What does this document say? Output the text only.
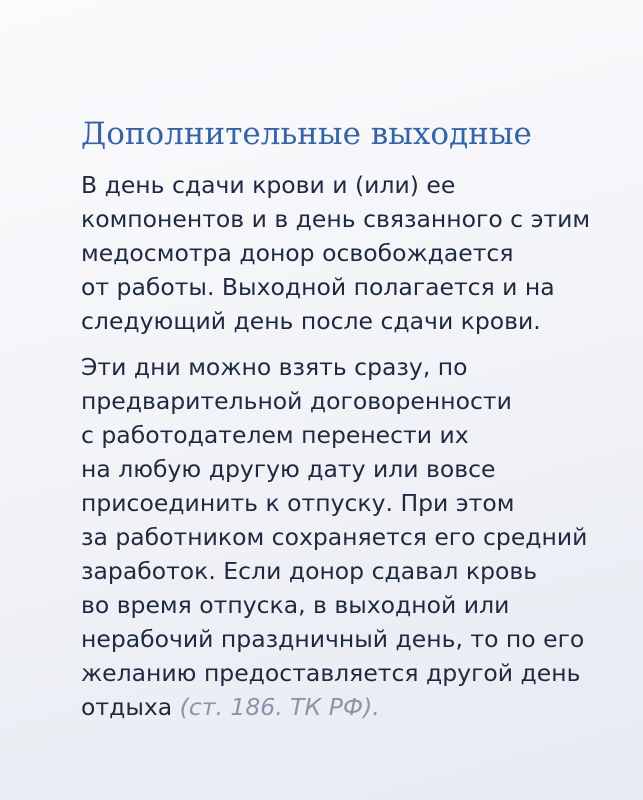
Дополнительные выходные

В день сдачи крови и (или) ее
компонентов и в день связанного с этим
медосмотра донор освобождается
от работы. Выходной полагается и на
следующий день после сдачи крови.

Эти дни можно взять сразу, по
предварительной договоренности
с работодателем перенести их
на любую другую дату или вовсе
присоединить к отпуску. При этом
за работником сохраняется его средний
заработок. Если донор сдавал кровь
во время отпуска, в выходной или
нерабочий праздничный день, то по его
желанию предоставляется другой день
отдыха (ст. 186. ТК РФ).
